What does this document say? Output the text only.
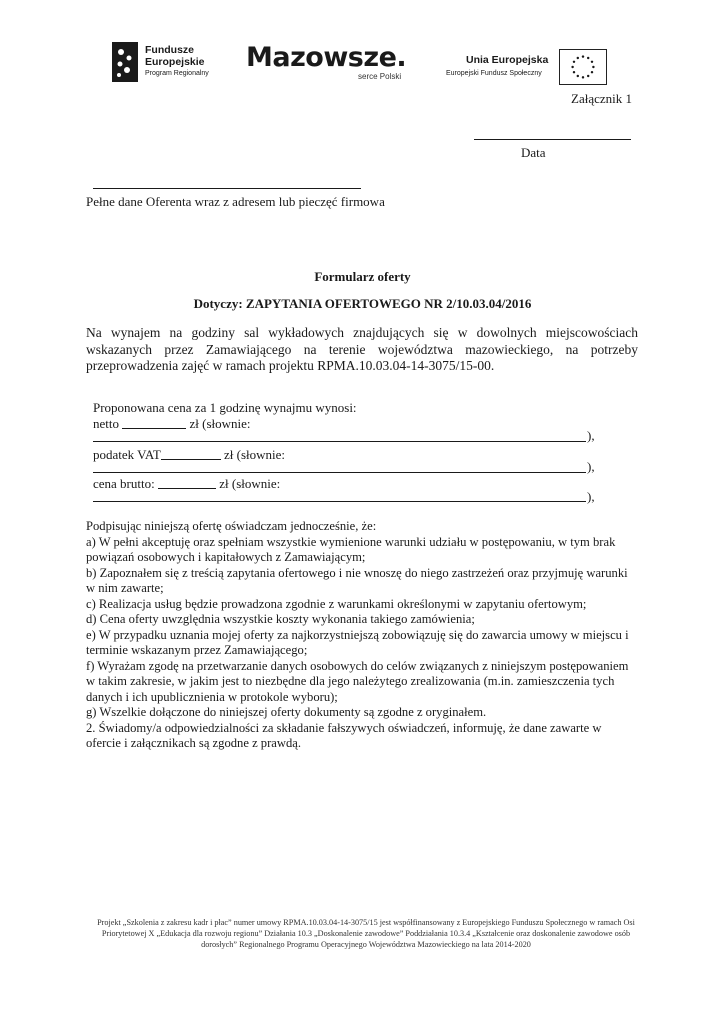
Fundusze
Europejskie
Program Regionalny
Mazowsze.
serce Polski
Unia Europejska
Europejski Fundusz Społeczny
Załącznik 1
Data
Pełne dane Oferenta wraz z adresem lub pieczęć firmowa
Formularz oferty
Dotyczy: ZAPYTANIA OFERTOWEGO NR 2/10.03.04/2016
Na wynajem na godziny sal wykładowych znajdujących się w dowolnych miejscowościach wskazanych przez Zamawiającego na terenie województwa mazowieckiego, na potrzeby przeprowadzenia zajęć w ramach projektu RPMA.10.03.04-14-3075/15-00.
Proponowana cena za 1 godzinę wynajmu wynosi:
netto	zł (słownie:
),
podatek VAT	zł (słownie:
),
cena brutto:	zł (słownie:
),
Podpisując niniejszą ofertę oświadczam jednocześnie, że:
a) W pełni akceptuję oraz spełniam wszystkie wymienione warunki udziału w postępowaniu, w tym brak powiązań osobowych i kapitałowych z Zamawiającym;
b) Zapoznałem się z treścią zapytania ofertowego i nie wnoszę do niego zastrzeżeń oraz przyjmuję warunki w nim zawarte;
c) Realizacja usług będzie prowadzona zgodnie z warunkami określonymi w zapytaniu ofertowym;
d) Cena oferty uwzględnia wszystkie koszty wykonania takiego zamówienia;
e) W przypadku uznania mojej oferty za najkorzystniejszą zobowiązuję się do zawarcia umowy w miejscu i terminie wskazanym przez Zamawiającego;
f) Wyrażam zgodę na przetwarzanie danych osobowych do celów związanych z niniejszym postępowaniem w takim zakresie, w jakim jest to niezbędne dla jego należytego zrealizowania (m.in. zamieszczenia tych danych i ich upublicznienia w protokole wyboru);
g) Wszelkie dołączone do niniejszej oferty dokumenty są zgodne z oryginałem.
2. Świadomy/a odpowiedzialności za składanie fałszywych oświadczeń, informuję, że dane zawarte w ofercie i załącznikach są zgodne z prawdą.
Projekt „Szkolenia z zakresu kadr i płac” numer umowy RPMA.10.03.04-14-3075/15 jest współfinansowany z Europejskiego Funduszu Społecznego w ramach Osi Priorytetowej X „Edukacja dla rozwoju regionu” Działania 10.3 „Doskonalenie zawodowe” Poddziałania 10.3.4 „Kształcenie oraz doskonalenie zawodowe osób dorosłych” Regionalnego Programu Operacyjnego Województwa Mazowieckiego na lata 2014-2020
